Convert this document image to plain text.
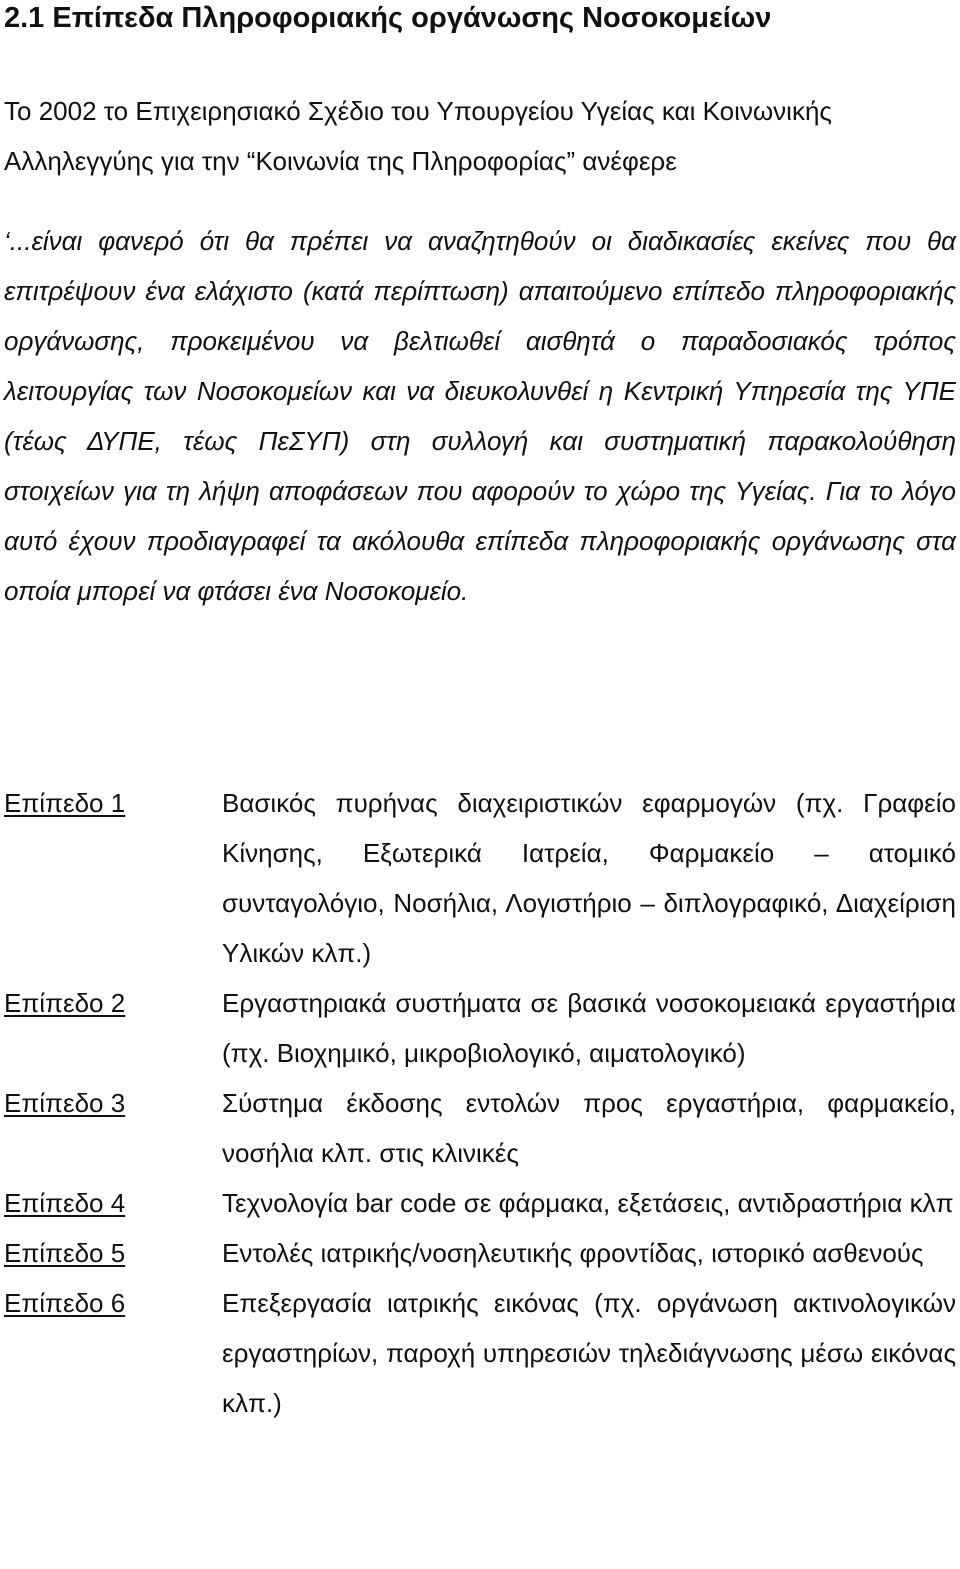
2.1 Επίπεδα Πληροφοριακής οργάνωσης Νοσοκομείων
Το 2002 το Επιχειρησιακό Σχέδιο του Υπουργείου Υγείας και Κοινωνικής Αλληλεγγύης για την “Κοινωνία της Πληροφορίας” ανέφερε
‘...είναι φανερό ότι θα πρέπει να αναζητηθούν οι διαδικασίες εκείνες που θα επιτρέψουν ένα ελάχιστο (κατά περίπτωση) απαιτούμενο επίπεδο πληροφοριακής οργάνωσης, προκειμένου να βελτιωθεί αισθητά ο παραδοσιακός τρόπος λειτουργίας των Νοσοκομείων και να διευκολυνθεί η Κεντρική Υπηρεσία της ΥΠΕ (τέως ΔΥΠΕ, τέως ΠεΣΥΠ) στη συλλογή και συστηματική παρακολούθηση στοιχείων για τη λήψη αποφάσεων που αφορούν το χώρο της Υγείας. Για το λόγο αυτό έχουν προδιαγραφεί τα ακόλουθα επίπεδα πληροφοριακής οργάνωσης στα οποία μπορεί να φτάσει ένα Νοσοκομείο.
Επίπεδο 1	Βασικός πυρήνας διαχειριστικών εφαρμογών (πχ. Γραφείο Κίνησης, Εξωτερικά Ιατρεία, Φαρμακείο – ατομικό συνταγολόγιο, Νοσήλια, Λογιστήριο – διπλογραφικό, Διαχείριση Υλικών κλπ.)
Επίπεδο 2	Εργαστηριακά συστήματα σε βασικά νοσοκομειακά εργαστήρια (πχ. Βιοχημικό, μικροβιολογικό, αιματολογικό)
Επίπεδο 3	Σύστημα έκδοσης εντολών προς εργαστήρια, φαρμακείο, νοσήλια κλπ. στις κλινικές
Επίπεδο 4	Τεχνολογία bar code σε φάρμακα, εξετάσεις, αντιδραστήρια κλπ
Επίπεδο 5	Εντολές ιατρικής/νοσηλευτικής φροντίδας, ιστορικό ασθενούς
Επίπεδο 6	Επεξεργασία ιατρικής εικόνας (πχ. οργάνωση ακτινολογικών εργαστηρίων, παροχή υπηρεσιών τηλεδιάγνωσης μέσω εικόνας κλπ.)
